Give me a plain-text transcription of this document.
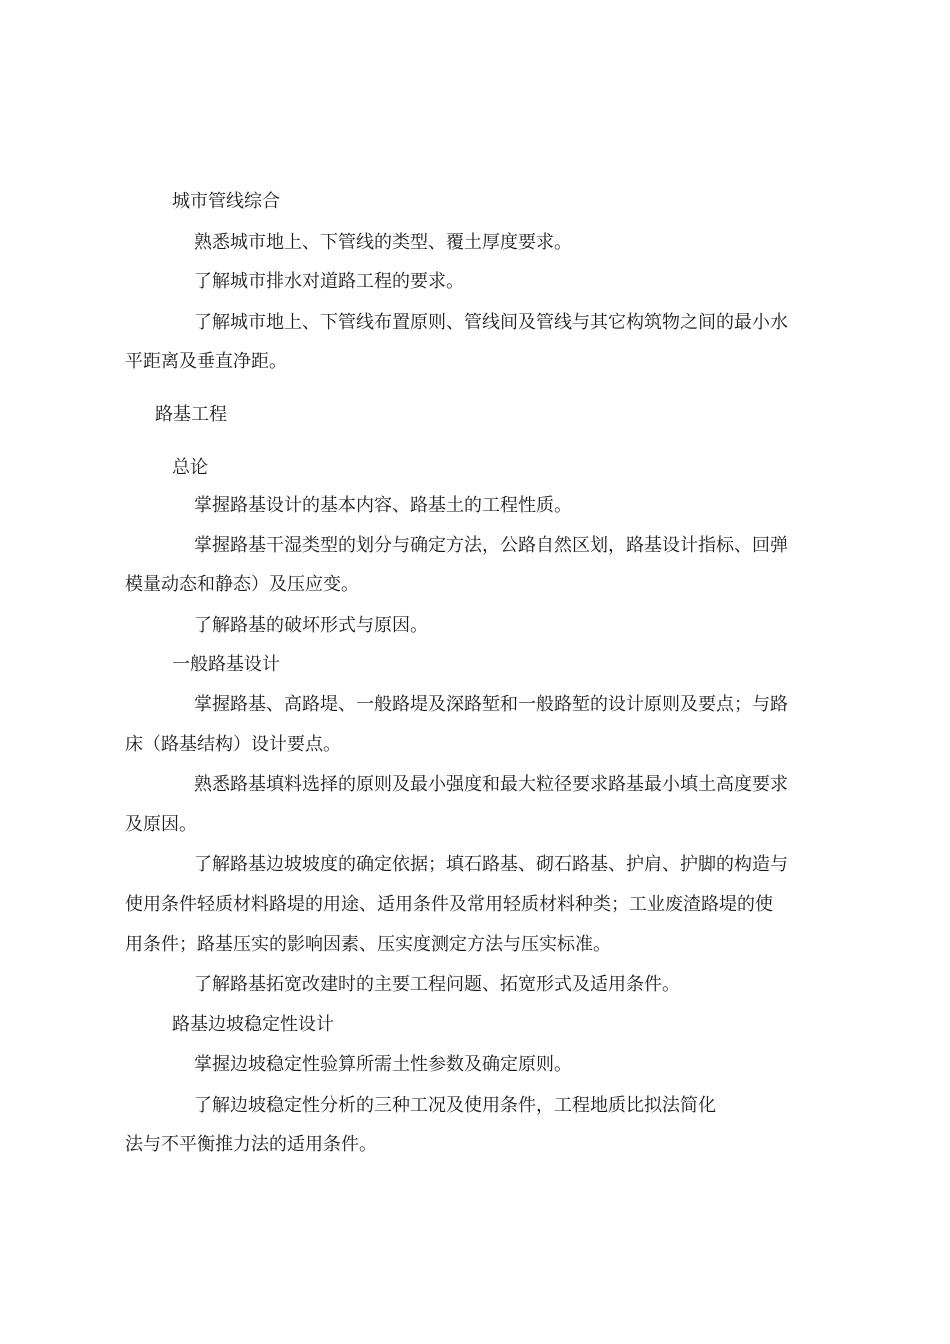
城市管线综合

熟悉城市地上、下管线的类型、覆土厚度要求。

了解城市排水对道路工程的要求。

了解城市地上、下管线布置原则、管线间及管线与其它构筑物之间的最小水

平距离及垂直净距。

路基工程

总论

掌握路基设计的基本内容、路基土的工程性质。

掌握路基干湿类型的划分与确定方法，公路自然区划，路基设计指标、回弹

模量动态和静态）及压应变。

了解路基的破坏形式与原因。

一般路基设计

掌握路基、高路堤、一般路堤及深路堑和一般路堑的设计原则及要点；与路

床（路基结构）设计要点。

熟悉路基填料选择的原则及最小强度和最大粒径要求路基最小填土高度要求

及原因。

了解路基边坡坡度的确定依据；填石路基、砌石路基、护肩、护脚的构造与

使用条件轻质材料路堤的用途、适用条件及常用轻质材料种类；工业废渣路堤的使

用条件；路基压实的影响因素、压实度测定方法与压实标准。

了解路基拓宽改建时的主要工程问题、拓宽形式及适用条件。

路基边坡稳定性设计

掌握边坡稳定性验算所需土性参数及确定原则。

了解边坡稳定性分析的三种工况及使用条件，工程地质比拟法简化

法与不平衡推力法的适用条件。
